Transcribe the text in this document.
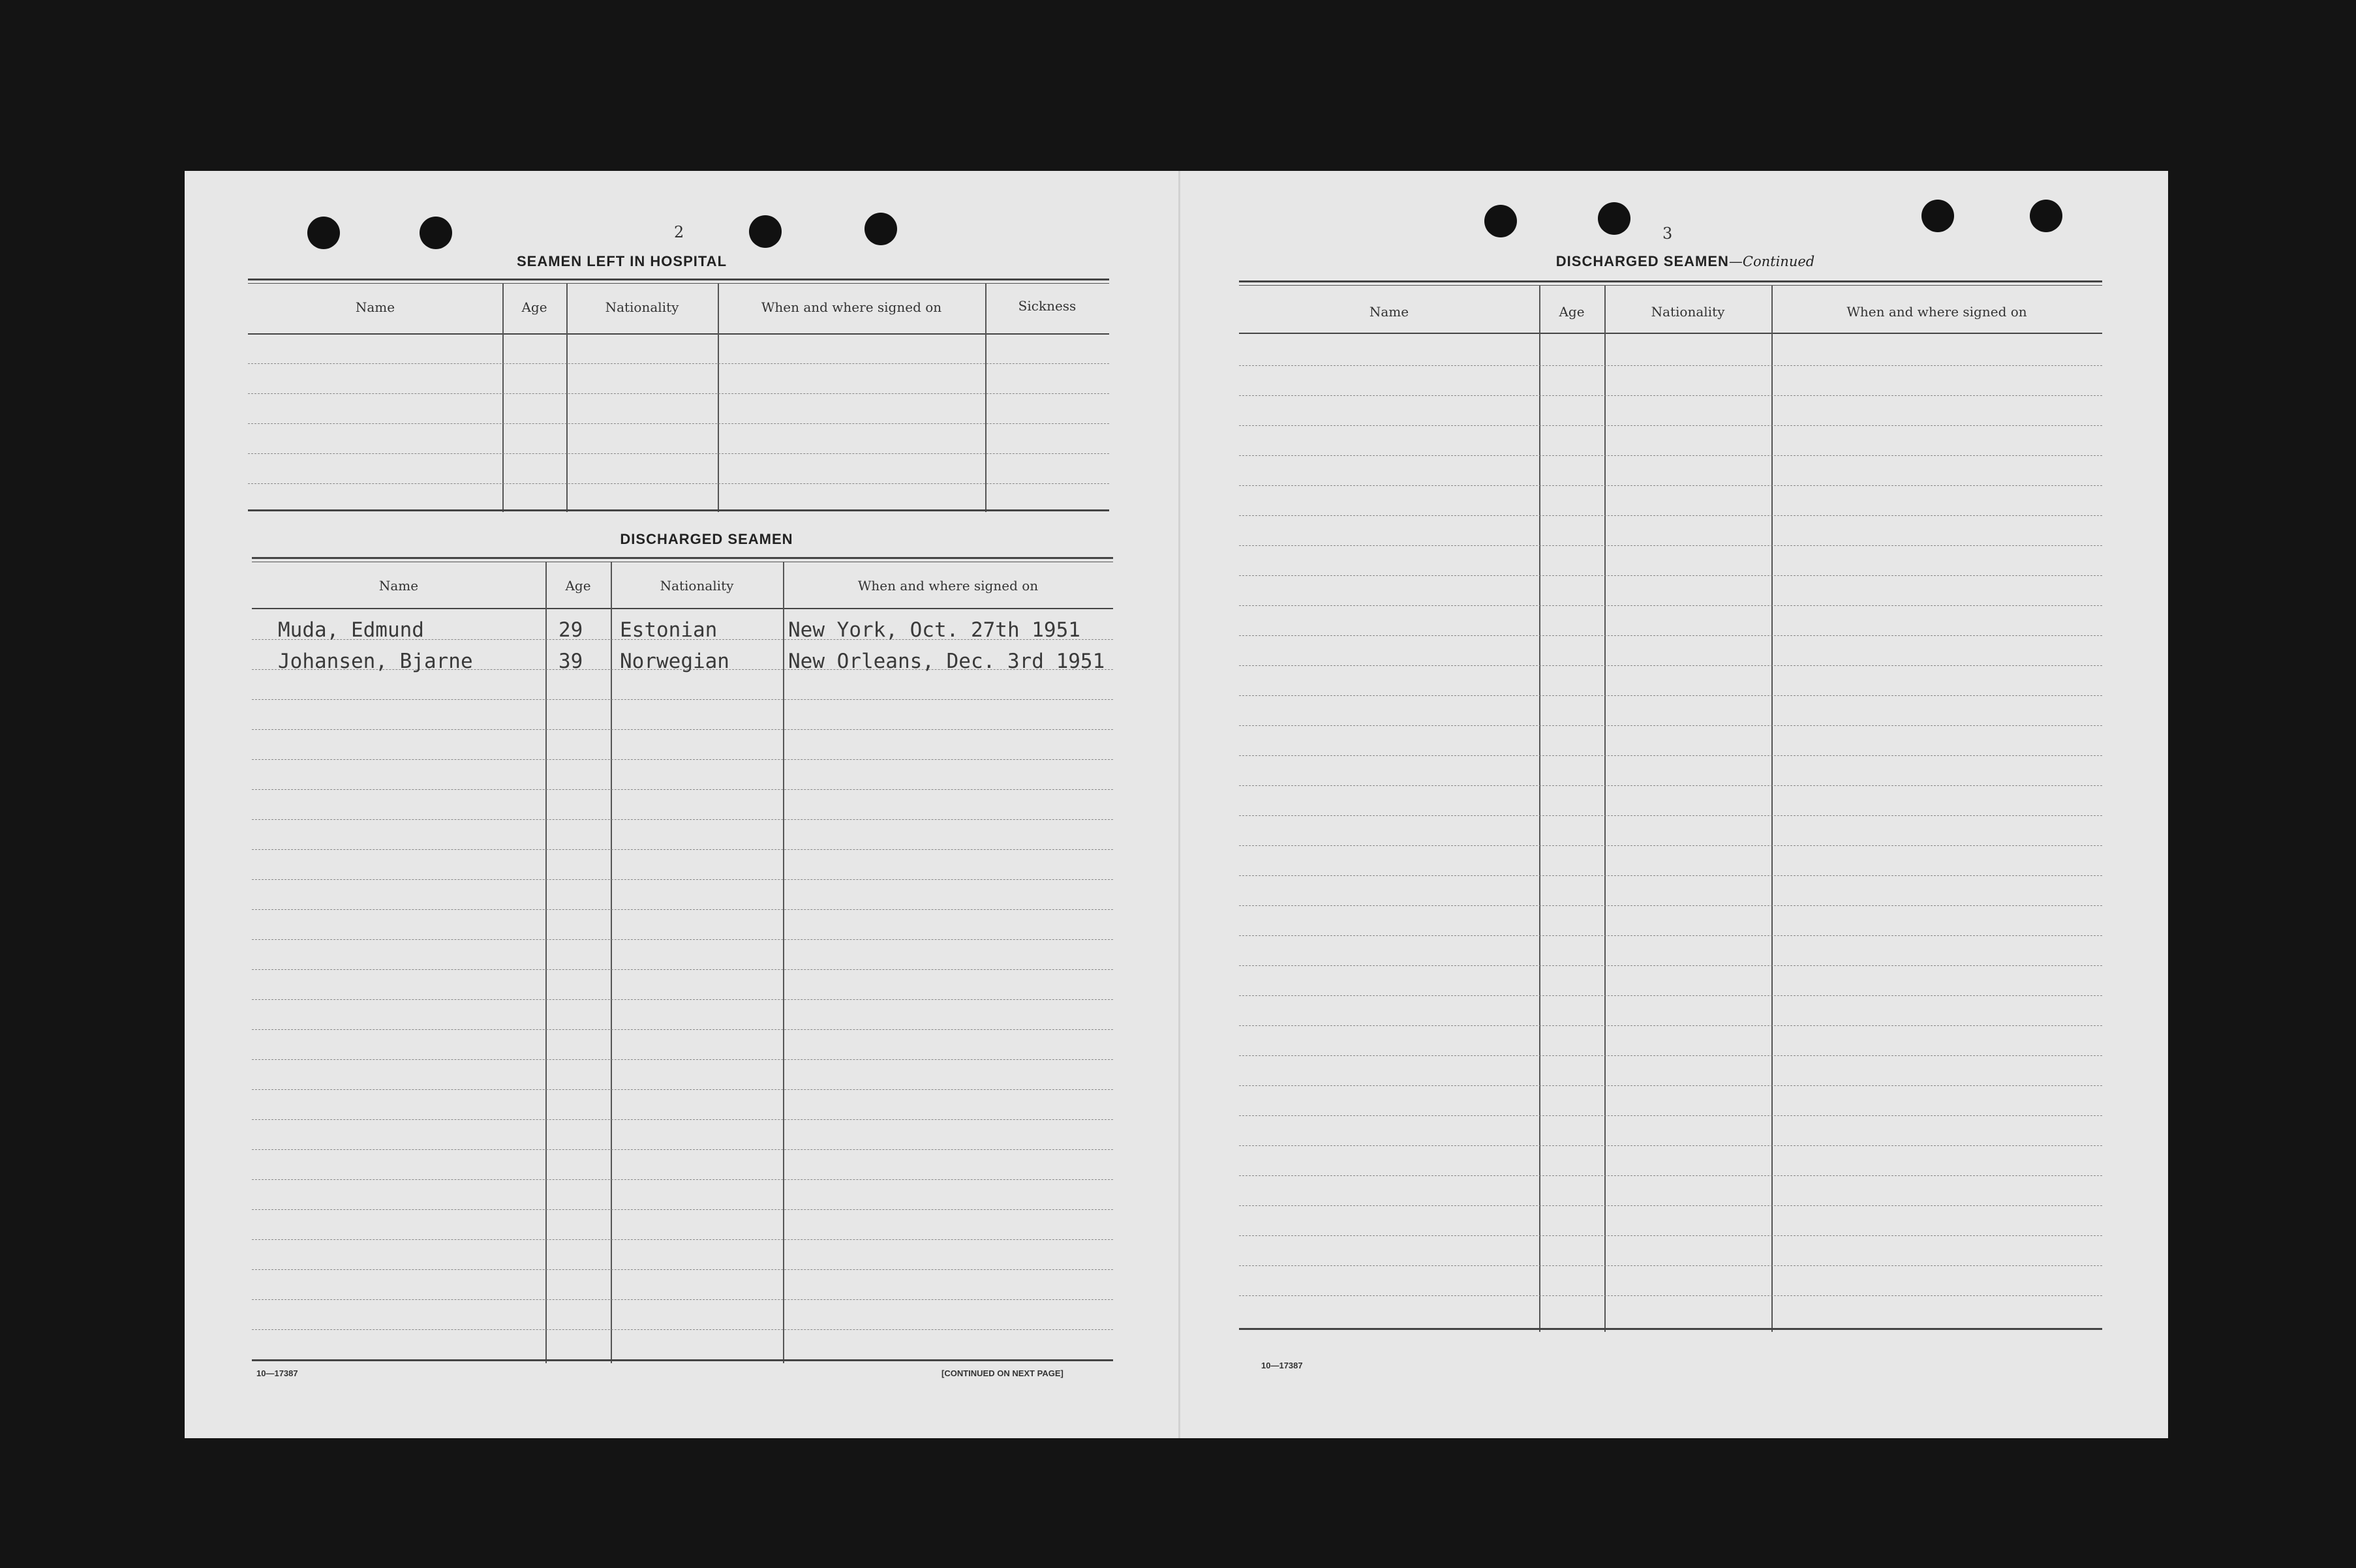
2
SEAMEN LEFT IN HOSPITAL
Name	Age	Nationality	When and where signed on	Sickness
DISCHARGED SEAMEN
Name	Age	Nationality	When and where signed on
Muda, Edmund	29 Estonian	New York, Oct. 27th 1951
Johansen, Bjarne	39 Norwegian	New Orleans, Dec. 3rd 1951
10—17387	[CONTINUED ON NEXT PAGE]
3
DISCHARGED SEAMEN—Continued
Name	Age	Nationality	When and where signed on
10—17387
